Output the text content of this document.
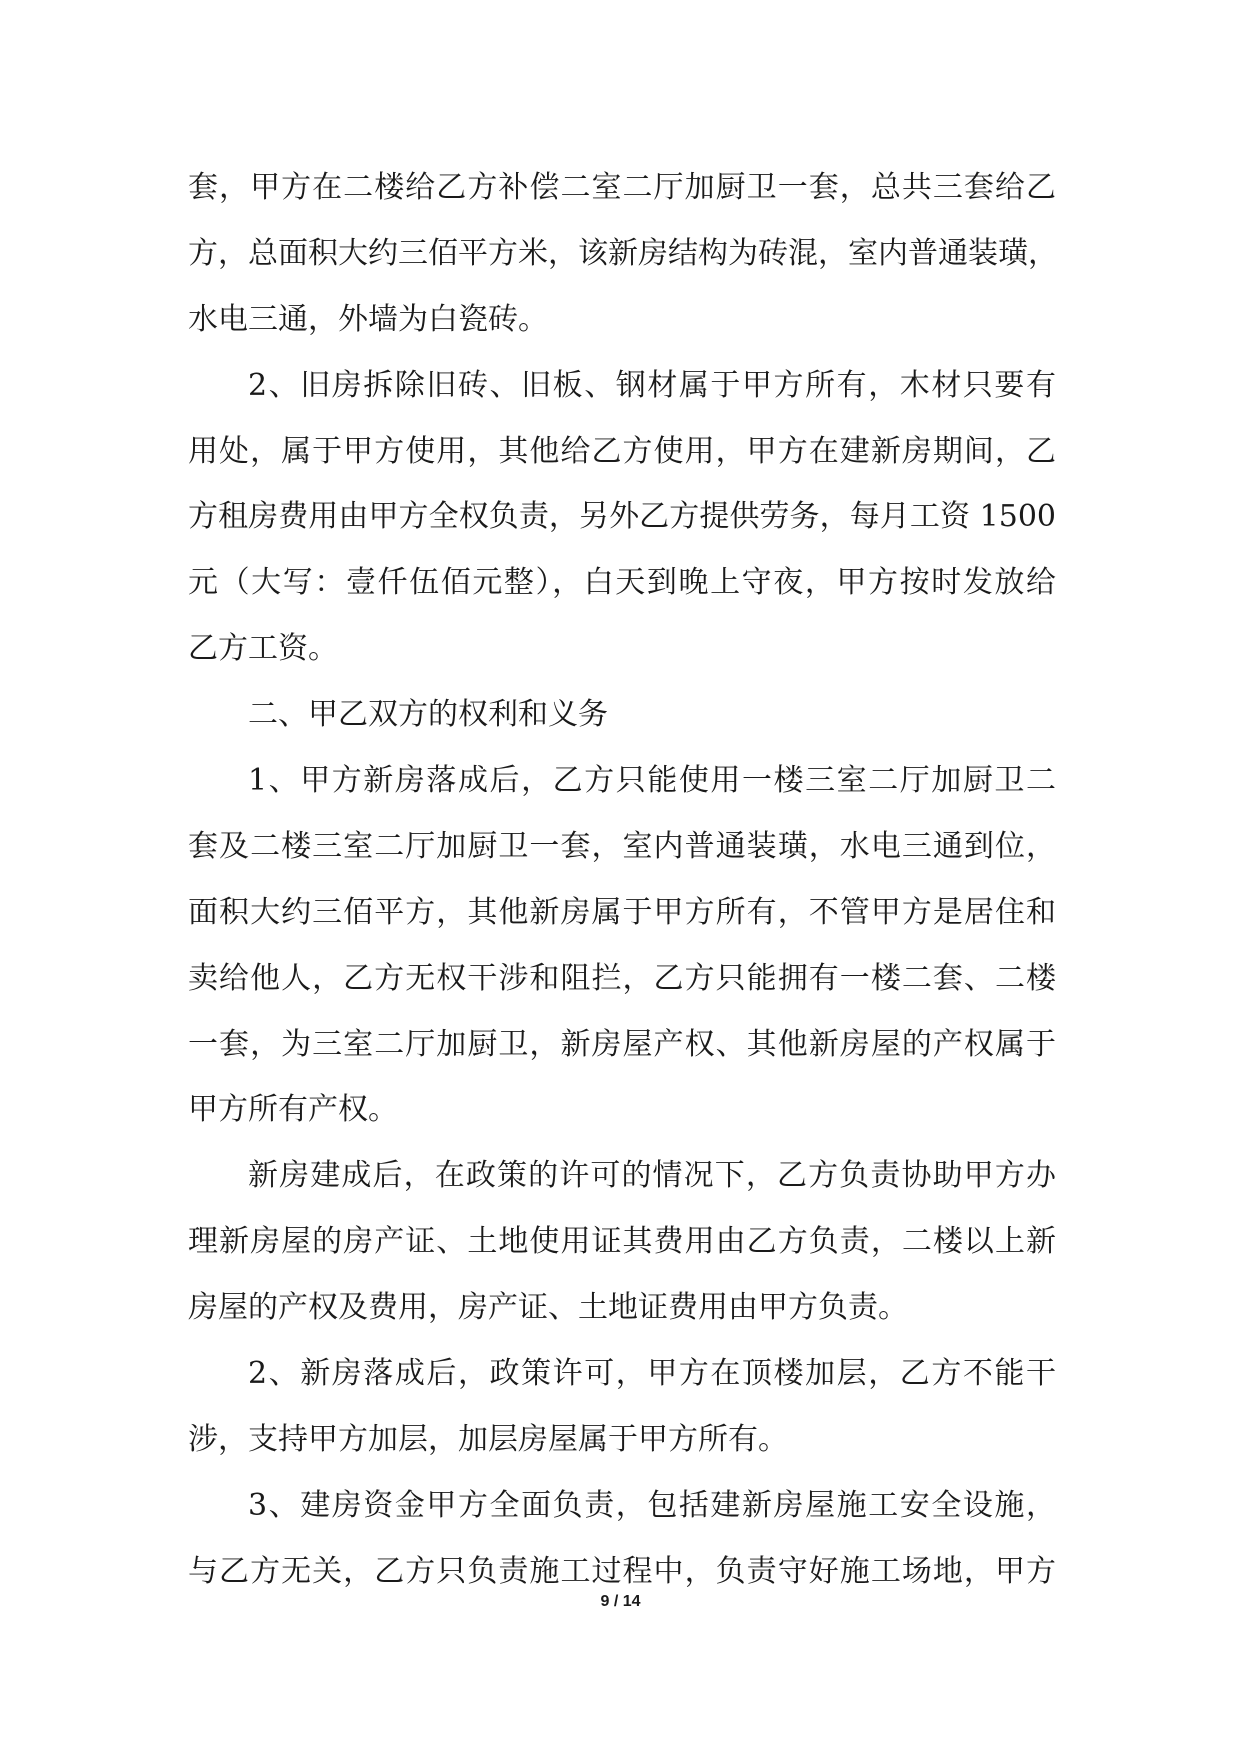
套，甲方在二楼给乙方补偿二室二厅加厨卫一套，总共三套给乙
方，总面积大约三佰平方米，该新房结构为砖混，室内普通装璜，
水电三通，外墙为白瓷砖。
2、旧房拆除旧砖、旧板、钢材属于甲方所有，木材只要有
用处，属于甲方使用，其他给乙方使用，甲方在建新房期间，乙
方租房费用由甲方全权负责，另外乙方提供劳务，每月工资 1500
元（大写：壹仟伍佰元整），白天到晚上守夜，甲方按时发放给
乙方工资。
二、甲乙双方的权利和义务
1、甲方新房落成后，乙方只能使用一楼三室二厅加厨卫二
套及二楼三室二厅加厨卫一套，室内普通装璜，水电三通到位，
面积大约三佰平方，其他新房属于甲方所有，不管甲方是居住和
卖给他人，乙方无权干涉和阻拦，乙方只能拥有一楼二套、二楼
一套，为三室二厅加厨卫，新房屋产权、其他新房屋的产权属于
甲方所有产权。
新房建成后，在政策的许可的情况下，乙方负责协助甲方办
理新房屋的房产证、土地使用证其费用由乙方负责，二楼以上新
房屋的产权及费用，房产证、土地证费用由甲方负责。
2、新房落成后，政策许可，甲方在顶楼加层，乙方不能干
涉，支持甲方加层，加层房屋属于甲方所有。
3、建房资金甲方全面负责，包括建新房屋施工安全设施，
与乙方无关，乙方只负责施工过程中，负责守好施工场地，甲方
9 / 14
